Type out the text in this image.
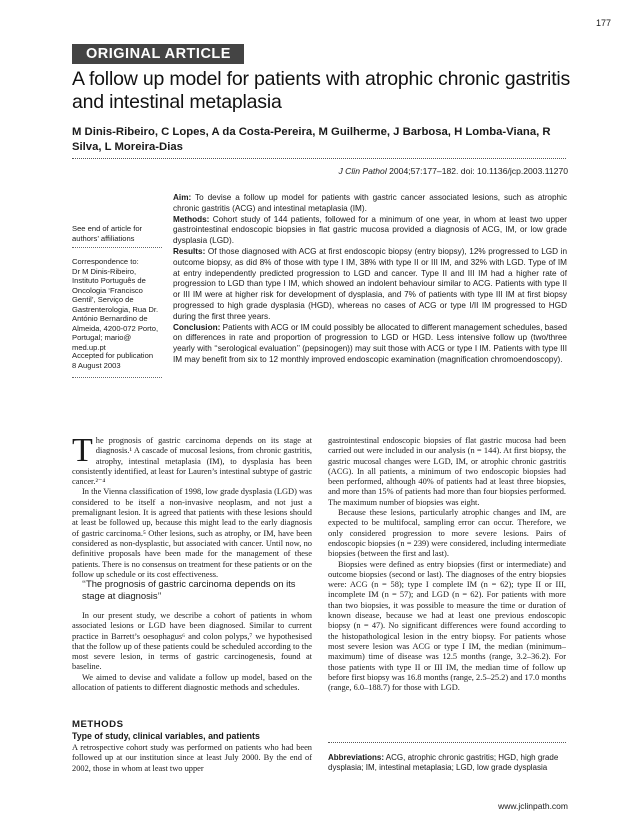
177
ORIGINAL ARTICLE
A follow up model for patients with atrophic chronic gastritis and intestinal metaplasia
M Dinis-Ribeiro, C Lopes, A da Costa-Pereira, M Guilherme, J Barbosa, H Lomba-Viana, R Silva, L Moreira-Dias
J Clin Pathol 2004;57:177–182. doi: 10.1136/jcp.2003.11270
See end of article for authors’ affiliations
Correspondence to:
Dr M Dinis-Ribeiro, Instituto Português de Oncologia ‘Francisco Gentil’, Serviço de Gastrenterologia, Rua Dr. António Bernardino de Almeida, 4200-072 Porto, Portugal; mario@ med.up.pt
Accepted for publication
8 August 2003

Aim: To devise a follow up model for patients with gastric cancer associated lesions, such as atrophic chronic gastritis (ACG) and intestinal metaplasia (IM).

Methods: Cohort study of 144 patients, followed for a minimum of one year, in whom at least two upper gastrointestinal endoscopic biopsies in flat gastric mucosa provided a diagnosis of ACG, IM, or low grade dysplasia (LGD).

Results: Of those diagnosed with ACG at first endoscopic biopsy (entry biopsy), 12% progressed to LGD in outcome biopsy, as did 8% of those with type I IM, 38% with type II or III IM, and 32% with LGD. Type of IM at entry independently predicted progression to LGD and cancer. Type II and III IM had a higher rate of progression to LGD than type I IM, which showed an indolent behaviour similar to ACG. Patients with type II or III IM were at higher risk for development of dysplasia, and 7% of patients with type III IM at first biopsy progressed to high grade dysplasia (HGD), whereas no cases of ACG or type I/II IM progressed to HGD during the first three years.

Conclusion: Patients with ACG or IM could possibly be allocated to different management schedules, based on differences in rate and proportion of progression to LGD or HGD. Less intensive follow up (two/three yearly with ‘‘serological evaluation’’ (pepsinogen)) may suit those with ACG or type I IM. Patients with type III IM may benefit from six to 12 monthly improved endoscopic examination (magnification chromoendoscopy).

The prognosis of gastric carcinoma depends on its stage at diagnosis.¹ A cascade of mucosal lesions, from chronic gastritis, atrophy, intestinal metaplasia (IM), to dysplasia has been consistently identified, at least for Lauren’s intestinal subtype of gastric cancer.²⁻⁴

In the Vienna classification of 1998, low grade dysplasia (LGD) was considered to be itself a non-invasive neoplasm, and not just a premalignant lesion. It is agreed that patients with these lesions should at least be followed up, because this might lead to the early diagnosis of gastric carcinoma.⁵ Other lesions, such as atrophy, or IM, have been considered as non-dysplastic, but associated with cancer. Until now, no definitive proposals have been made for the management of these patients. There is no consensus on treatment for these patients or on the follow up schedule or its cost effectiveness.

‘‘The prognosis of gastric carcinoma depends on its stage at diagnosis’’

In our present study, we describe a cohort of patients in whom associated lesions or LGD have been diagnosed. Similar to current practice in Barrett’s oesophagus⁶ and colon polyps,⁷ we hypothesised that the follow up of these patients could be scheduled according to the most severe lesion, in terms of gastric carcinogenesis, found at baseline.

We aimed to devise and validate a follow up model, based on the allocation of patients to different diagnostic methods and schedules.

METHODS
Type of study, clinical variables, and patients

A retrospective cohort study was performed on patients who had been followed up at our institution since at least July 2000. By the end of 2002, those in whom at least two upper

gastrointestinal endoscopic biopsies of flat gastric mucosa had been carried out were included in our analysis (n = 144). At first biopsy, the gastric mucosal changes were LGD, IM, or atrophic chronic gastritis (ACG). In all patients, a minimum of two endoscopic biopsies had been performed, although 40% of patients had at least three biopsies, and more than 15% of patients had more than four biopsies performed. The maximum number of biopsies was eight.

Because these lesions, particularly atrophic changes and IM, are expected to be multifocal, sampling error can occur. Therefore, we only considered progression to more severe lesions. Pairs of endoscopic biopsies (n = 239) were considered, including intermediate biopsies (between the first and last).

Biopsies were defined as entry biopsies (first or intermediate) and outcome biopsies (second or last). The diagnoses of the entry biopsies were: ACG (n = 58); type I complete IM (n = 62); type II or III, incomplete IM (n = 57); and LGD (n = 62). For patients with more than two biopsies, it was possible to measure the time or duration of known disease, because we had at least one previous endoscopic biopsy (n = 47). No significant differences were found according to the histopathological lesion in the entry biopsy. For patients whose most severe lesion was ACG or type I IM, the median (minimum–maximum) time of disease was 12.5 months (range, 3.2–36.2). For those patients with type II or III IM, the median time of follow up before first biopsy was 16.8 months (range, 2.5–25.2) and 17.0 months (range, 6.0–188.7) for those with LGD.

Abbreviations: ACG, atrophic chronic gastritis; HGD, high grade dysplasia; IM, intestinal metaplasia; LGD, low grade dysplasia
www.jclinpath.com
